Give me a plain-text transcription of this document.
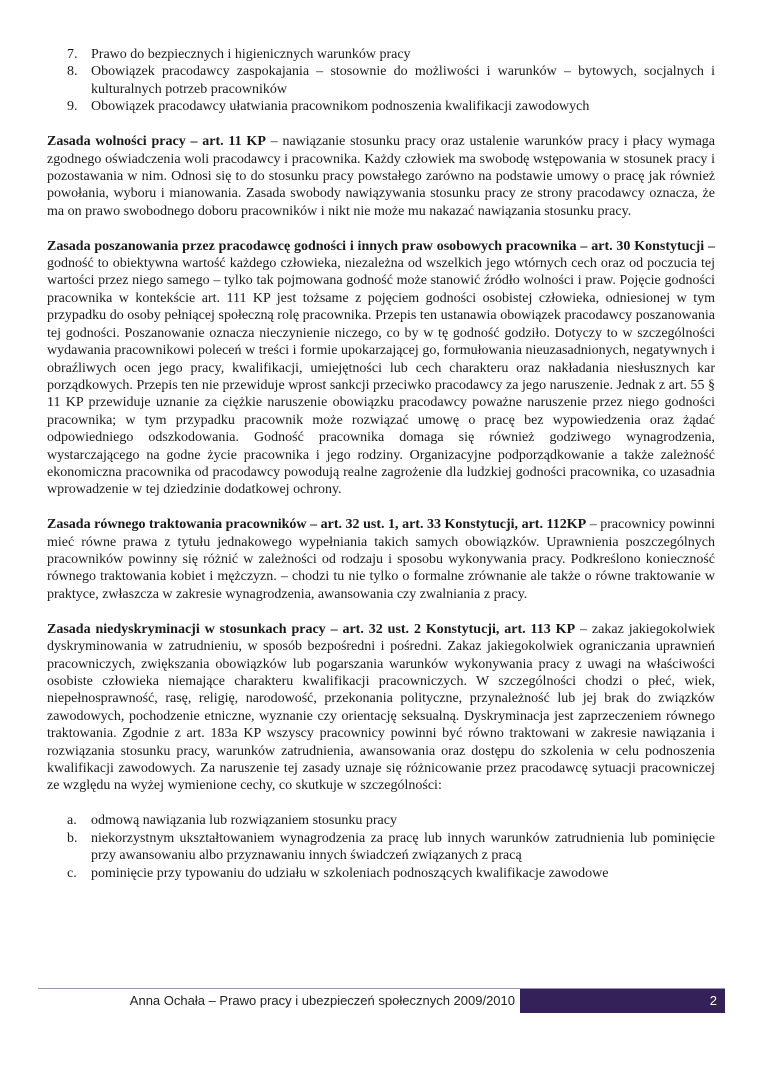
7. Prawo do bezpiecznych i higienicznych warunków pracy
8. Obowiązek pracodawcy zaspokajania – stosownie do możliwości i warunków – bytowych, socjalnych i kulturalnych potrzeb pracowników
9. Obowiązek pracodawcy ułatwiania pracownikom podnoszenia kwalifikacji zawodowych

Zasada wolności pracy – art. 11 KP – nawiązanie stosunku pracy oraz ustalenie warunków pracy i płacy wymaga zgodnego oświadczenia woli pracodawcy i pracownika. Każdy człowiek ma swobodę wstępowania w stosunek pracy i pozostawania w nim. Odnosi się to do stosunku pracy powstałego zarówno na podstawie umowy o pracę jak również powołania, wyboru i mianowania. Zasada swobody nawiązywania stosunku pracy ze strony pracodawcy oznacza, że ma on prawo swobodnego doboru pracowników i nikt nie może mu nakazać nawiązania stosunku pracy.

Zasada poszanowania przez pracodawcę godności i innych praw osobowych pracownika – art. 30 Konstytucji – godność to obiektywna wartość każdego człowieka, niezależna od wszelkich jego wtórnych cech oraz od poczucia tej wartości przez niego samego – tylko tak pojmowana godność może stanowić źródło wolności i praw. Pojęcie godności pracownika w kontekście art. 111 KP jest tożsame z pojęciem godności osobistej człowieka, odniesionej w tym przypadku do osoby pełniącej społeczną rolę pracownika. Przepis ten ustanawia obowiązek pracodawcy poszanowania tej godności. Poszanowanie oznacza nieczynienie niczego, co by w tę godność godziło. Dotyczy to w szczególności wydawania pracownikowi poleceń w treści i formie upokarzającej go, formułowania nieuzasadnionych, negatywnych i obraźliwych ocen jego pracy, kwalifikacji, umiejętności lub cech charakteru oraz nakładania niesłusznych kar porządkowych. Przepis ten nie przewiduje wprost sankcji przeciwko pracodawcy za jego naruszenie. Jednak z art. 55 § 11 KP przewiduje uznanie za ciężkie naruszenie obowiązku pracodawcy poważne naruszenie przez niego godności pracownika; w tym przypadku pracownik może rozwiązać umowę o pracę bez wypowiedzenia oraz żądać odpowiedniego odszkodowania. Godność pracownika domaga się również godziwego wynagrodzenia, wystarczającego na godne życie pracownika i jego rodziny. Organizacyjne podporządkowanie a także zależność ekonomiczna pracownika od pracodawcy powodują realne zagrożenie dla ludzkiej godności pracownika, co uzasadnia wprowadzenie w tej dziedzinie dodatkowej ochrony.

Zasada równego traktowania pracowników – art. 32 ust. 1, art. 33 Konstytucji, art. 112KP – pracownicy powinni mieć równe prawa z tytułu jednakowego wypełniania takich samych obowiązków. Uprawnienia poszczególnych pracowników powinny się różnić w zależności od rodzaju i sposobu wykonywania pracy. Podkreślono konieczność równego traktowania kobiet i mężczyzn. – chodzi tu nie tylko o formalne zrównanie ale także o równe traktowanie w praktyce, zwłaszcza w zakresie wynagrodzenia, awansowania czy zwalniania z pracy.

Zasada niedyskryminacji w stosunkach pracy – art. 32 ust. 2 Konstytucji, art. 113 KP – zakaz jakiegokolwiek dyskryminowania w zatrudnieniu, w sposób bezpośredni i pośredni. Zakaz jakiegokolwiek ograniczania uprawnień pracowniczych, zwiększania obowiązków lub pogarszania warunków wykonywania pracy z uwagi na właściwości osobiste człowieka niemające charakteru kwalifikacji pracowniczych. W szczególności chodzi o płeć, wiek, niepełnosprawność, rasę, religię, narodowość, przekonania polityczne, przynależność lub jej brak do związków zawodowych, pochodzenie etniczne, wyznanie czy orientację seksualną. Dyskryminacja jest zaprzeczeniem równego traktowania. Zgodnie z art. 183a KP wszyscy pracownicy powinni być równo traktowani w zakresie nawiązania i rozwiązania stosunku pracy, warunków zatrudnienia, awansowania oraz dostępu do szkolenia w celu podnoszenia kwalifikacji zawodowych. Za naruszenie tej zasady uznaje się różnicowanie przez pracodawcę sytuacji pracowniczej ze względu na wyżej wymienione cechy, co skutkuje w szczególności:

a. odmową nawiązania lub rozwiązaniem stosunku pracy
b. niekorzystnym ukształtowaniem wynagrodzenia za pracę lub innych warunków zatrudnienia lub pominięcie przy awansowaniu albo przyznawaniu innych świadczeń związanych z pracą
c. pominięcie przy typowaniu do udziału w szkoleniach podnoszących kwalifikacje zawodowe
Anna Ochała – Prawo pracy i ubezpieczeń społecznych 2009/2010	2
